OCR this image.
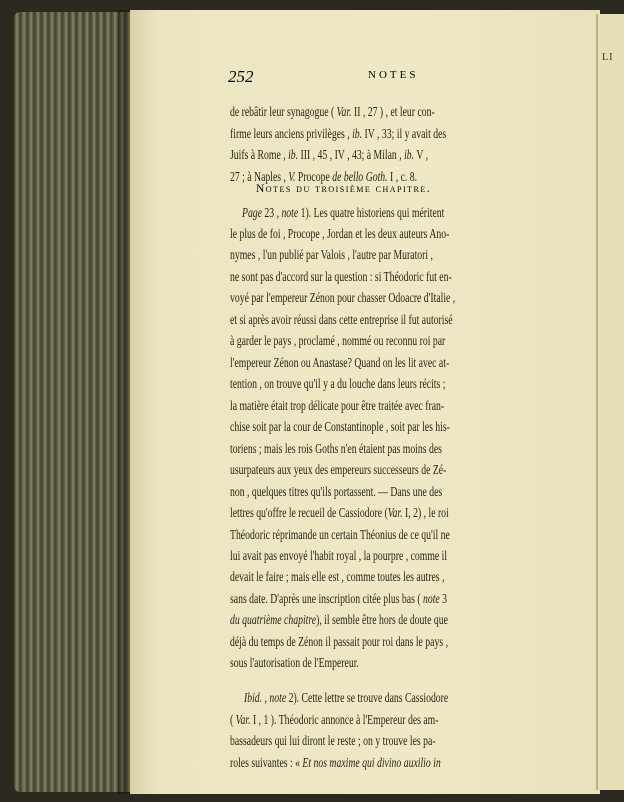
LI
252	NOTES
de rebâtir leur synagogue ( Var. II , 27 ) , et leur con-
firme leurs anciens privilèges , ib. IV , 33; il y avait des
Juifs à Rome , ib. III , 45 , IV , 43; à Milan , ib. V ,
27 ; à Naples , V. Procope de bello Goth. I , c. 8.
Page 23 , note 1). Les quatre historiens qui méritent
le plus de foi , Procope , Jordan et les deux auteurs Ano-
nymes , l'un publié par Valois , l'autre par Muratori ,
ne sont pas d'accord sur la question : si Théodoric fut en-
voyé par l'empereur Zénon pour chasser Odoacre d'Italie ,
et si après avoir réussi dans cette entreprise il fut autorisé
à garder le pays , proclamé , nommé ou reconnu roi par
l'empereur Zénon ou Anastase? Quand on les lit avec at-
tention , on trouve qu'il y a du louche dans leurs récits ;
la matière était trop délicate pour être traitée avec fran-
chise soit par la cour de Constantinople , soit par les his-
toriens ; mais les rois Goths n'en étaient pas moins des
usurpateurs aux yeux des empereurs successeurs de Zé-
non , quelques titres qu'ils portassent. — Dans une des
lettres qu'offre le recueil de Cassiodore (Var. I, 2) , le roi
Théodoric réprimande un certain Théonius de ce qu'il ne
lui avait pas envoyé l'habit royal , la pourpre , comme il
devait le faire ; mais elle est , comme toutes les autres ,
sans date. D'après une inscription citée plus bas ( note 3
du quatrième chapitre), il semble être hors de doute que
déjà du temps de Zénon il passait pour roi dans le pays ,
sous l'autorisation de l'Empereur.
Ibid. , note 2). Cette lettre se trouve dans Cassiodore
( Var. I , 1 ). Théodoric annonce à l'Empereur des am-
bassadeurs qui lui diront le reste ; on y trouve les pa-
roles suivantes : « Et nos maxime qui divino auxilio in
Notes du troisième chapitre.
